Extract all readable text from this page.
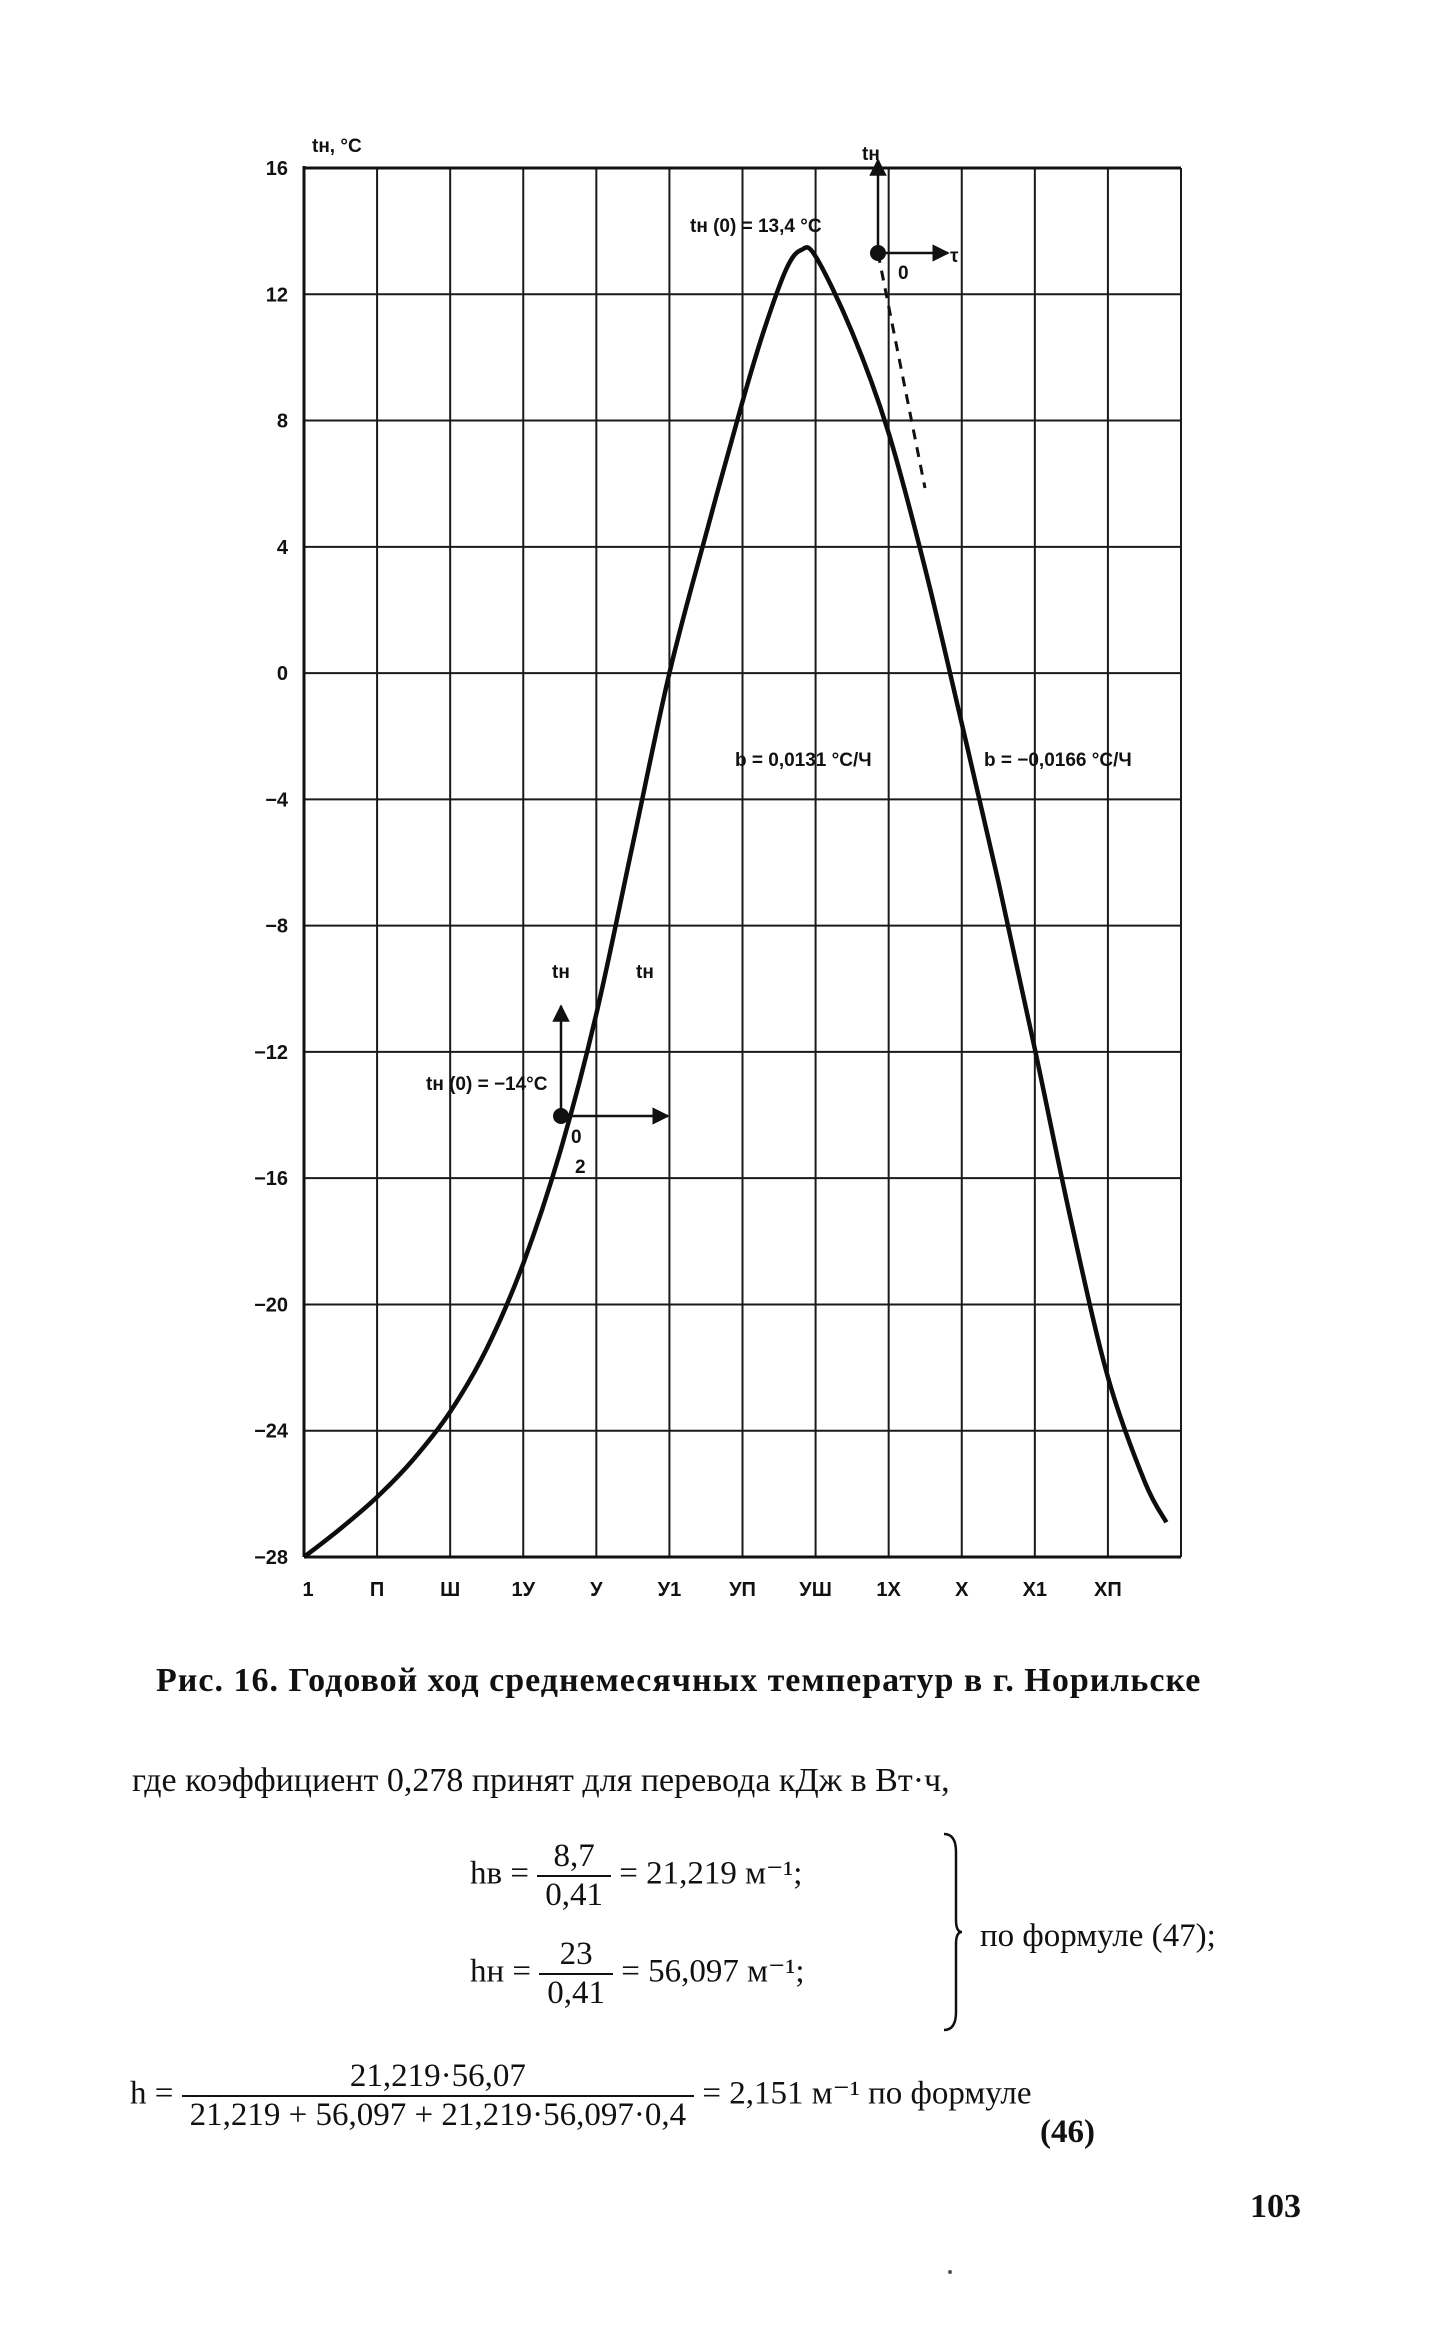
16
12
8
4
0
−4
−8
−12
−16
−20
−24
−28
1	П	Ш	1У	У	У1 УП УШ 1Х	Х	Х1 ХП
tн, °C
tн (0) = 13,4 °C
tн
τ
0
tн (0) = −14°C
tн	tн
0
2
b = 0,0131 °C/Ч	b = −0,0166 °C/Ч
Рис. 16. Годовой ход среднемесячных температур в г. Норильске
где коэффициент 0,278 принят для перевода кДж в Вт·ч,
hв = $\frac{8,7}{0,41} = 21,219$ м⁻¹;
hн = $\frac{23}{0,41} = 56,097$ м⁻¹;
по формуле (47);
$h = \frac{21,219\cdot 56,07}{21,219 + 56,097 + 21,219\cdot 56,097\cdot 0,4} = 2,151$ м⁻¹ по формуле
(46)
103
